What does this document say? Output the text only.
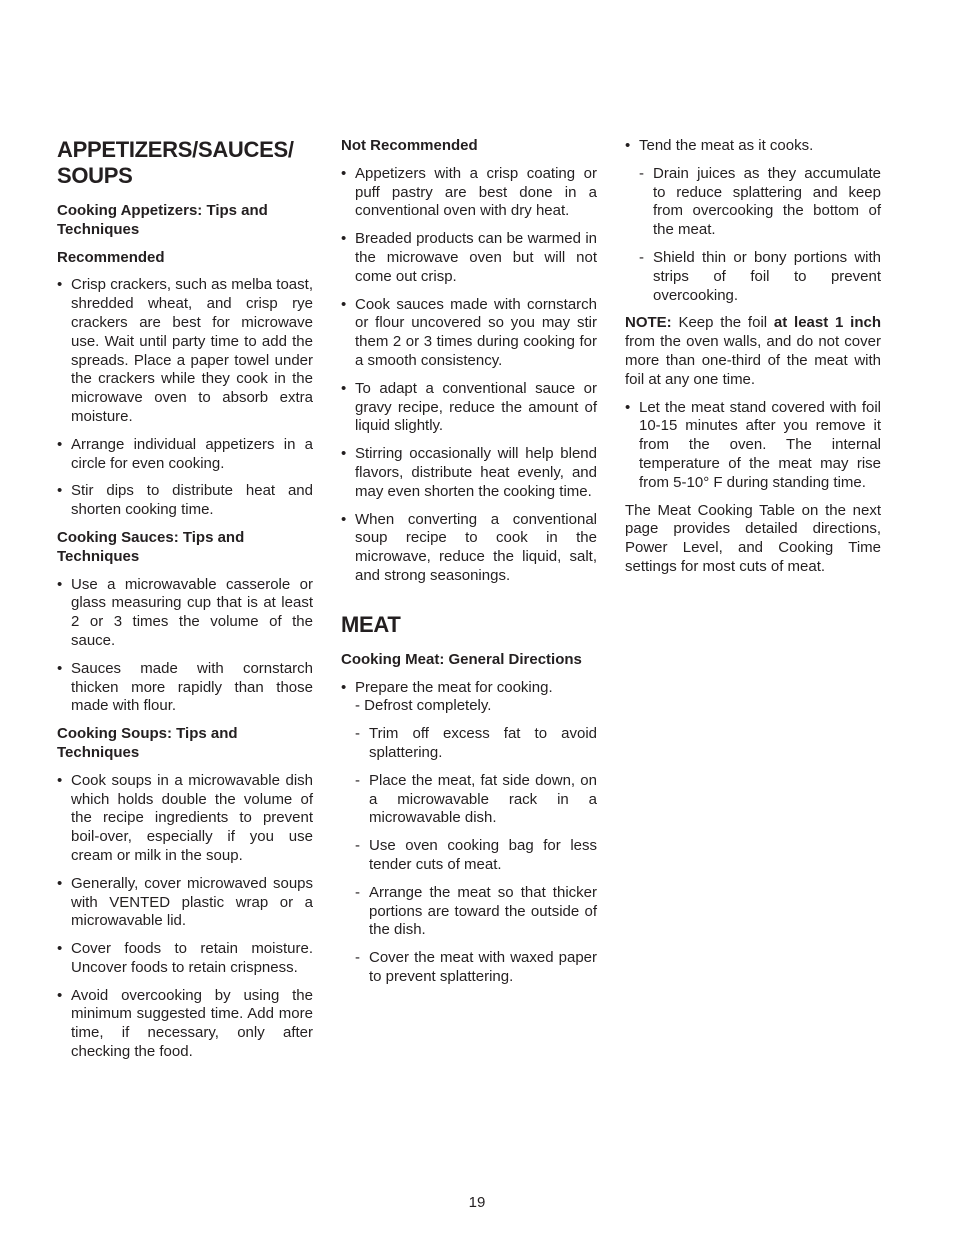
APPETIZERS/SAUCES/ SOUPS
Cooking Appetizers: Tips and Techniques
Recommended
• Crisp crackers, such as melba toast, shredded wheat, and crisp rye crackers are best for microwave use. Wait until party time to add the spreads. Place a paper towel under the crackers while they cook in the microwave oven to absorb extra moisture.
• Arrange individual appetizers in a circle for even cooking.
• Stir dips to distribute heat and shorten cooking time.
Cooking Sauces: Tips and Techniques
• Use a microwavable casserole or glass measuring cup that is at least 2 or 3 times the volume of the sauce.
• Sauces made with cornstarch thicken more rapidly than those made with flour.
Cooking Soups: Tips and Techniques
• Cook soups in a microwavable dish which holds double the volume of the recipe ingredients to prevent boil-over, especially if you use cream or milk in the soup.
• Generally, cover microwaved soups with VENTED plastic wrap or a microwavable lid.
• Cover foods to retain moisture. Uncover foods to retain crispness.
• Avoid overcooking by using the minimum suggested time. Add more time, if necessary, only after checking the food.
Not Recommended
• Appetizers with a crisp coating or puff pastry are best done in a conventional oven with dry heat.
• Breaded products can be warmed in the microwave oven but will not come out crisp.
• Cook sauces made with cornstarch or flour uncovered so you may stir them 2 or 3 times during cooking for a smooth consistency.
• To adapt a conventional sauce or gravy recipe, reduce the amount of liquid slightly.
• Stirring occasionally will help blend flavors, distribute heat evenly, and may even shorten the cooking time.
• When converting a conventional soup recipe to cook in the microwave, reduce the liquid, salt, and strong seasonings.
MEAT
Cooking Meat: General Directions
• Prepare the meat for cooking.
- Defrost completely.
- Trim off excess fat to avoid splattering.
- Place the meat, fat side down, on a microwavable rack in a microwavable dish.
- Use oven cooking bag for less tender cuts of meat.
- Arrange the meat so that thicker portions are toward the outside of the dish.
- Cover the meat with waxed paper to prevent splattering.
• Tend the meat as it cooks.
- Drain juices as they accumulate to reduce splattering and keep from overcooking the bottom of the meat.
- Shield thin or bony portions with strips of foil to prevent overcooking.

NOTE: Keep the foil at least 1 inch from the oven walls, and do not cover more than one-third of the meat with foil at any one time.

• Let the meat stand covered with foil 10-15 minutes after you remove it from the oven. The internal temperature of the meat may rise from 5-10° F during standing time.

The Meat Cooking Table on the next page provides detailed directions, Power Level, and Cooking Time settings for most cuts of meat.

19
